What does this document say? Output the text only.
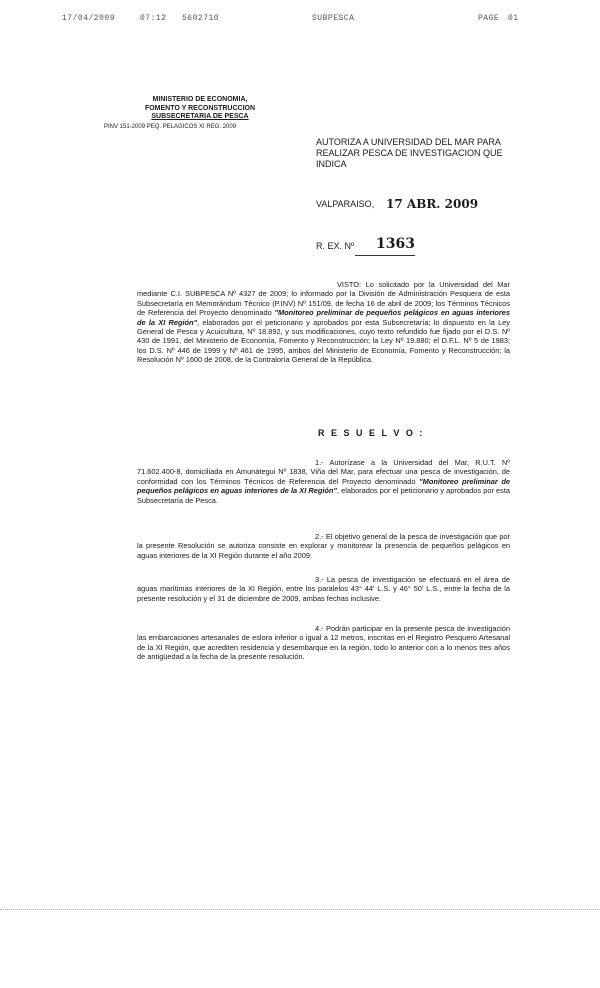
17/04/2009	07:12 5602710	SUBPESCA	PAGE 01
MINISTERIO DE ECONOMIA,
FOMENTO Y RECONSTRUCCION
SUBSECRETARIA DE PESCA
PINV 151-2009 PEQ. PELAGICOS XI REG. 2009
AUTORIZA A UNIVERSIDAD DEL MAR PARA REALIZAR PESCA DE INVESTIGACION QUE INDICA
VALPARAISO, 17 ABR. 2009
R. EX. Nº 1363
VISTO: Lo solicitado por la Universidad del Mar mediante C.I. SUBPESCA Nº 4327 de 2009; lo informado por la División de Administración Pesquera de esta Subsecretaría en Memorándum Técnico (P.INV) Nº 151/09, de fecha 16 de abril de 2009; los Términos Técnicos de Referencia del Proyecto denominado "Monitoreo preliminar de pequeños pelágicos en aguas interiores de la XI Región", elaborados por el peticionario y aprobados por esta Subsecretaría; lo dispuesto en la Ley General de Pesca y Acuicultura, Nº 18.892, y sus modificaciones, cuyo texto refundido fue fijado por el D.S. Nº 430 de 1991, del Ministerio de Economía, Fomento y Reconstrucción; la Ley Nº 19.880; el D.F.L. Nº 5 de 1983; los D.S. Nº 446 de 1999 y Nº 461 de 1995, ambos del Ministerio de Economía, Fomento y Reconstrucción; la Resolución Nº 1600 de 2008, de la Contraloría General de la República.
R E S U E L V O :
1.- Autorízase a la Universidad del Mar, R.U.T. Nº 71.602.400-8, domiciliada en Amunátegui Nº 1838, Viña del Mar, para efectuar una pesca de investigación, de conformidad con los Términos Técnicos de Referencia del Proyecto denominado "Monitoreo preliminar de pequeños pelágicos en aguas interiores de la XI Región", elaborados por el peticionario y aprobados por esta Subsecretaría de Pesca.
2.- El objetivo general de la pesca de investigación que por la presente Resolución se autoriza consiste en explorar y monitorear la presencia de pequeños pelágicos en aguas interiores de la XI Región durante el año 2009.
3.- La pesca de investigación se efectuará en el área de aguas marítimas interiores de la XI Región, entre los paralelos 43° 44' L.S. y 46° 50' L.S., entre la fecha de la presente resolución y el 31 de diciembre de 2009, ambas fechas inclusive.
4.- Podrán participar en la presente pesca de investigación las embarcaciones artesanales de eslora inferior o igual a 12 metros, inscritas en el Registro Pesquero Artesanal de la XI Región, que acrediten residencia y desembarque en la región, todo lo anterior con a lo menos tres años de antigüedad a la fecha de la presente resolución.
